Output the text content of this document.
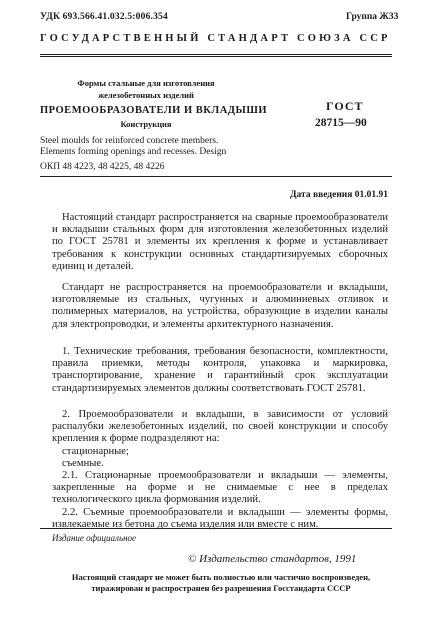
УДК 693.566.41.032.5:006.354	Группа Ж33
ГОСУДАРСТВЕННЫЙ СТАНДАРТ СОЮЗА ССР
Формы стальные для изготовления
железобетонных изделий
ПРОЕМООБРАЗОВАТЕЛИ И ВКЛАДЫШИ
Конструкция
ГОСТ
28715—90
Steel moulds for reinforced concrete members.
Elements forming openings and recesses. Design
ОКП 48 4223, 48 4225, 48 4226
Дата введения 01.01.91
Настоящий стандарт распространяется на сварные проемообразователи и вкладыши стальных форм для изготовления железобетонных изделий по ГОСТ 25781 и элементы их крепления к форме и устанавливает требования к конструкции основных стандартизируемых сборочных единиц и деталей.
Стандарт не распространяется на проемообразователи и вкладыши, изготовляемые из стальных, чугунных и алюминиевых отливок и полимерных материалов, на устройства, образующие в изделии каналы для электропроводки, и элементы архитектурного назначения.
1. Технические требования, требования безопасности, комплектности, правила приемки, методы контроля, упаковка и маркировка, транспортирование, хранение и гарантийный срок эксплуатации стандартизируемых элементов должны соответствовать ГОСТ 25781.
2. Проемообразователи и вкладыши, в зависимости от условий распалубки железобетонных изделий, по своей конструкции и способу крепления к форме подразделяют на:
стационарные;
съемные.
2.1. Стационарные проемообразователи и вкладыши — элементы, закрепленные на форме и не снимаемые с нее в пределах технологического цикла формования изделий.
2.2. Съемные проемообразователи и вкладыши — элементы формы, извлекаемые из бетона до съема изделия или вместе с ним.
Издание официальное
© Издательство стандартов, 1991
Настоящий стандарт не может быть полностью или частично воспроизведен,
тиражирован и распространен без разрешения Госстандарта СССР
